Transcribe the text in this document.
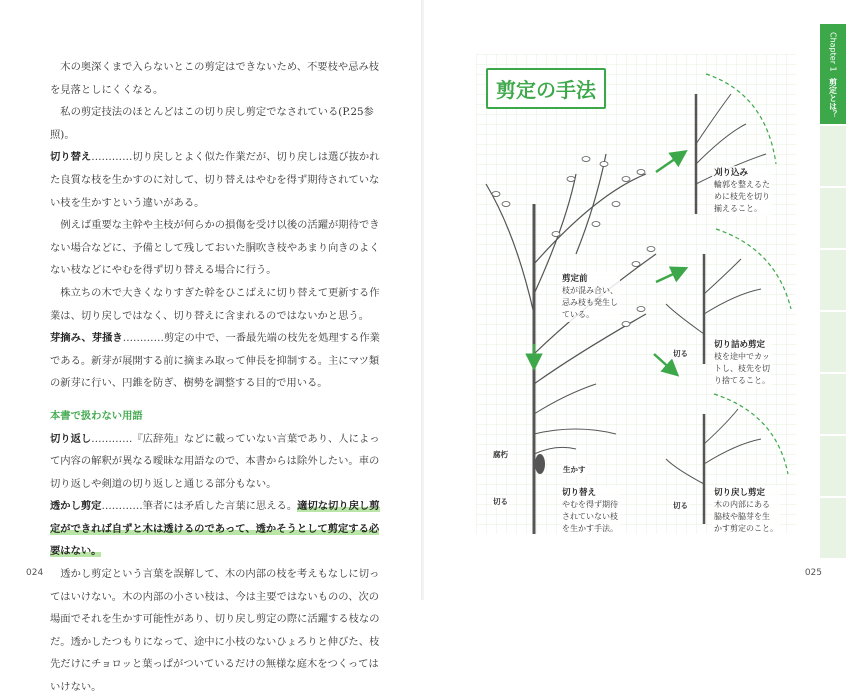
木の奥深くまで入らないとこの剪定はできないため、不要枝や忌み枝を見落としにくくなる。
私の剪定技法のほとんどはこの切り戻し剪定でなされている(P.25参照)。
切り替え…………切り戻しとよく似た作業だが、切り戻しは選び抜かれた良質な枝を生かすのに対して、切り替えはやむを得ず期待されていない枝を生かすという違いがある。
例えば重要な主幹や主枝が何らかの損傷を受け以後の活躍が期待できない場合などに、予備として残しておいた胴吹き枝やあまり向きのよくない枝などにやむを得ず切り替える場合に行う。
株立ちの木で大きくなりすぎた幹をひこばえに切り替えて更新する作業は、切り戻しではなく、切り替えに含まれるのではないかと思う。
芽摘み、芽掻き…………剪定の中で、一番最先端の枝先を処理する作業である。新芽が展開する前に摘まみ取って伸長を抑制する。主にマツ類の新芽に行い、円錐を防ぎ、樹勢を調整する目的で用いる。
本書で扱わない用語
切り返し…………『広辞苑』などに載っていない言葉であり、人によって内容の解釈が異なる曖昧な用語なので、本書からは除外したい。車の切り返しや剣道の切り返しと通じる部分もない。
透かし剪定…………筆者には矛盾した言葉に思える。適切な切り戻し剪定ができれば自ずと木は透けるのであって、透かそうとして剪定する必要はない。
透かし剪定という言葉を誤解して、木の内部の枝を考えもなしに切ってはいけない。木の内部の小さい枝は、今は主要ではないものの、次の場面でそれを生かす可能性があり、切り戻し剪定の際に活躍する枝なのだ。透かしたつもりになって、途中に小枝のないひょろりと伸びた、枝先だけにチョロッと葉っぱがついているだけの無様な庭木をつくってはいけない。
024
剪定の手法
剪定前
枝が混み合い、
忌み枝も発生し
ている。
刈り込み
輪郭を整えるた
めに枝先を切り
揃えること。
切る
切り詰め剪定
枝を途中でカッ
トし、枝先を切
り捨てること。
腐朽
生かす
切る
切り替え
やむを得ず期待
されていない枝
を生かす手法。
切る
切り戻し剪定
木の内部にある
脇枝や脇芽を生
かす剪定のこと。
Chapter 1
剪定とは？
025
